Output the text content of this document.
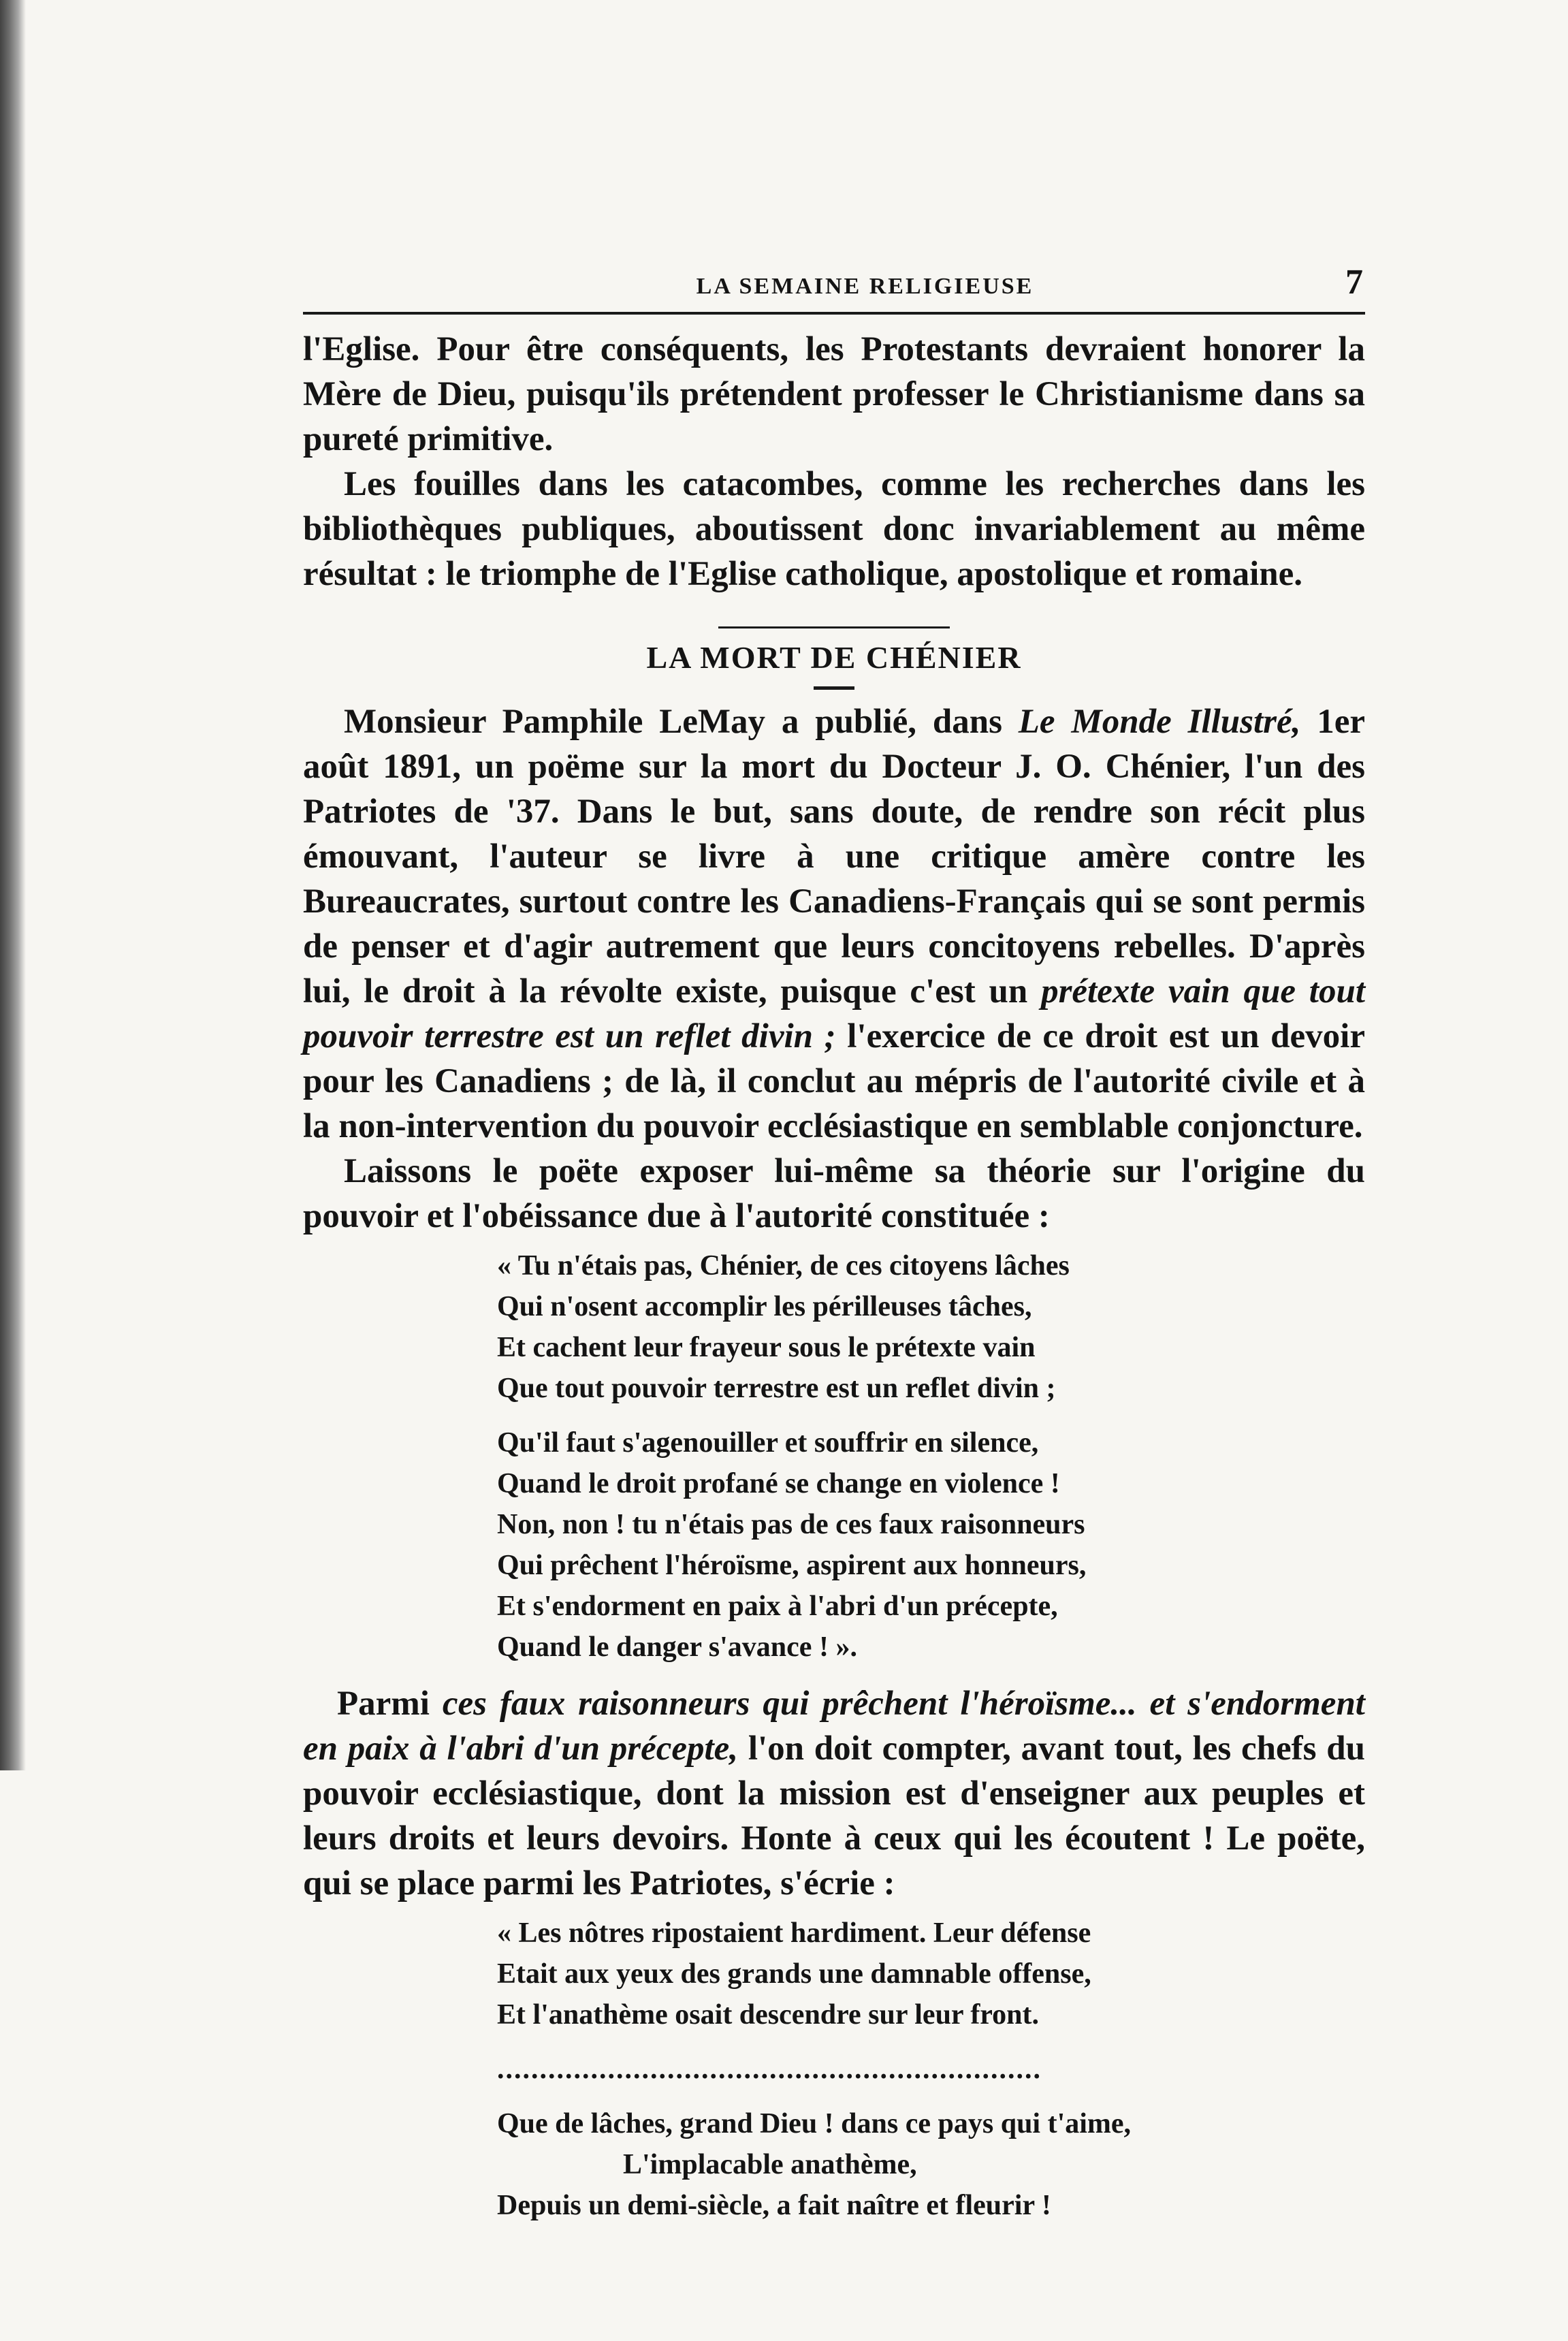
LA SEMAINE RELIGIEUSE	7

l'Eglise. Pour être conséquents, les Protestants devraient honorer la Mère de Dieu, puisqu'ils prétendent professer le Christianisme dans sa pureté primitive.

Les fouilles dans les catacombes, comme les recherches dans les bibliothèques publiques, aboutissent donc invariablement au même résultat : le triomphe de l'Eglise catholique, apostolique et romaine.

LA MORT DE CHÉNIER

Monsieur Pamphile LeMay a publié, dans Le Monde Illustré, 1er août 1891, un poëme sur la mort du Docteur J. O. Chénier, l'un des Patriotes de '37. Dans le but, sans doute, de rendre son récit plus émouvant, l'auteur se livre à une critique amère contre les Bureaucrates, surtout contre les Canadiens-Français qui se sont permis de penser et d'agir autrement que leurs concitoyens rebelles. D'après lui, le droit à la révolte existe, puisque c'est un prétexte vain que tout pouvoir terrestre est un reflet divin ; l'exercice de ce droit est un devoir pour les Canadiens ; de là, il conclut au mépris de l'autorité civile et à la non-intervention du pouvoir ecclésiastique en semblable conjoncture.

Laissons le poëte exposer lui-même sa théorie sur l'origine du pouvoir et l'obéissance due à l'autorité constituée :

« Tu n'étais pas, Chénier, de ces citoyens lâches
Qui n'osent accomplir les périlleuses tâches,
Et cachent leur frayeur sous le prétexte vain
Que tout pouvoir terrestre est un reflet divin ;
Qu'il faut s'agenouiller et souffrir en silence,
Quand le droit profané se change en violence !
Non, non ! tu n'étais pas de ces faux raisonneurs
Qui prêchent l'héroïsme, aspirent aux honneurs,
Et s'endorment en paix à l'abri d'un précepte,
Quand le danger s'avance ! ».

Parmi ces faux raisonneurs qui prêchent l'héroïsme... et s'endorment en paix à l'abri d'un précepte, l'on doit compter, avant tout, les chefs du pouvoir ecclésiastique, dont la mission est d'enseigner aux peuples et leurs droits et leurs devoirs. Honte à ceux qui les écoutent ! Le poëte, qui se place parmi les Patriotes, s'écrie :

« Les nôtres ripostaient hardiment. Leur défense
Etait aux yeux des grands une damnable offense,
Et l'anathème osait descendre sur leur front.
................................................................
Que de lâches, grand Dieu ! dans ce pays qui t'aime,
L'implacable anathème,
Depuis un demi-siècle, a fait naître et fleurir !
